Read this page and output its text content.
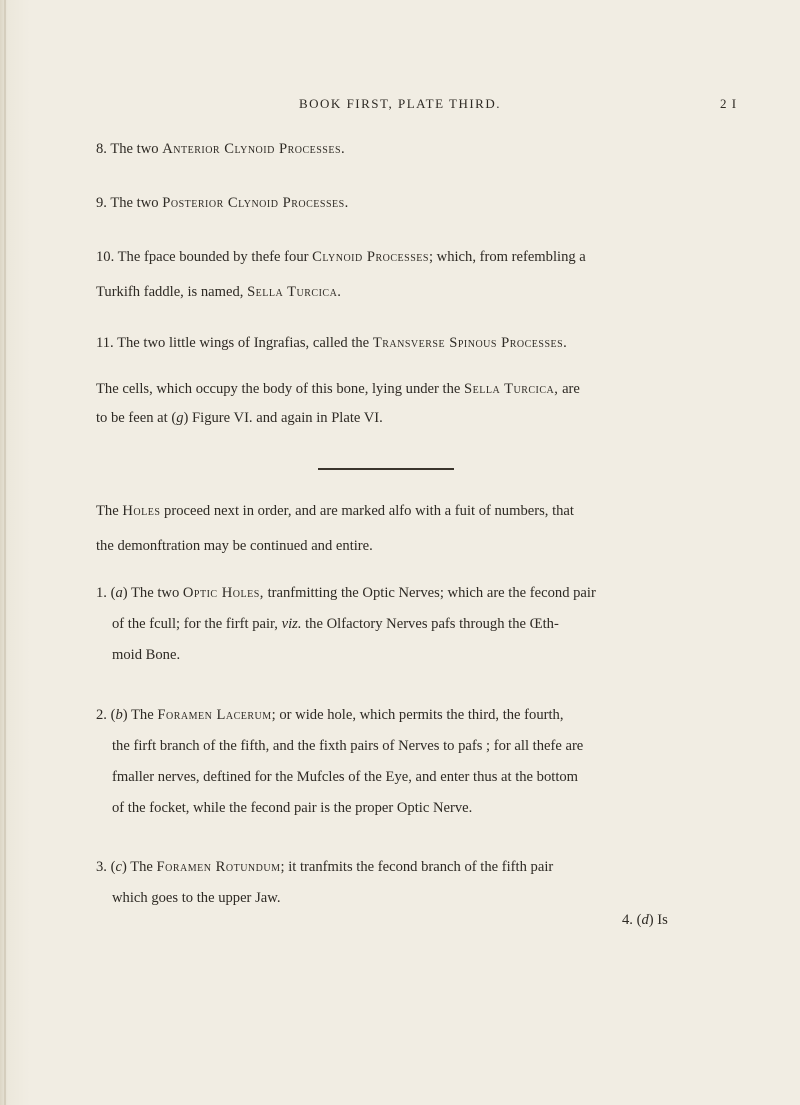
BOOK FIRST, PLATE THIRD.	2 I
8. The two Anterior Clynoid Processes.
9. The two Posterior Clynoid Processes.
10. The fpace bounded by thefe four Clynoid Processes; which, from refembling a
Turkifh faddle, is named, Sella Turcica.
11. The two little wings of Ingrafias, called the Transverse Spinous Processes.
The cells, which occupy the body of this bone, lying under the Sella Turcica, are
to be feen at (g) Figure VI. and again in Plate VI.
The Holes proceed next in order, and are marked alfo with a fuit of numbers, that
the demonftration may be continued and entire.
1. (a) The two Optic Holes, tranfmitting the Optic Nerves; which are the fecond pair
of the fcull; for the firft pair, viz. the Olfactory Nerves pafs through the Œth-
moid Bone.
2. (b) The Foramen Lacerum; or wide hole, which permits the third, the fourth,
the firft branch of the fifth, and the fixth pairs of Nerves to pafs ; for all thefe are
fmaller nerves, deftined for the Mufcles of the Eye, and enter thus at the bottom
of the focket, while the fecond pair is the proper Optic Nerve.
3. (c) The Foramen Rotundum; it tranfmits the fecond branch of the fifth pair
which goes to the upper Jaw.
4. (d) Is
